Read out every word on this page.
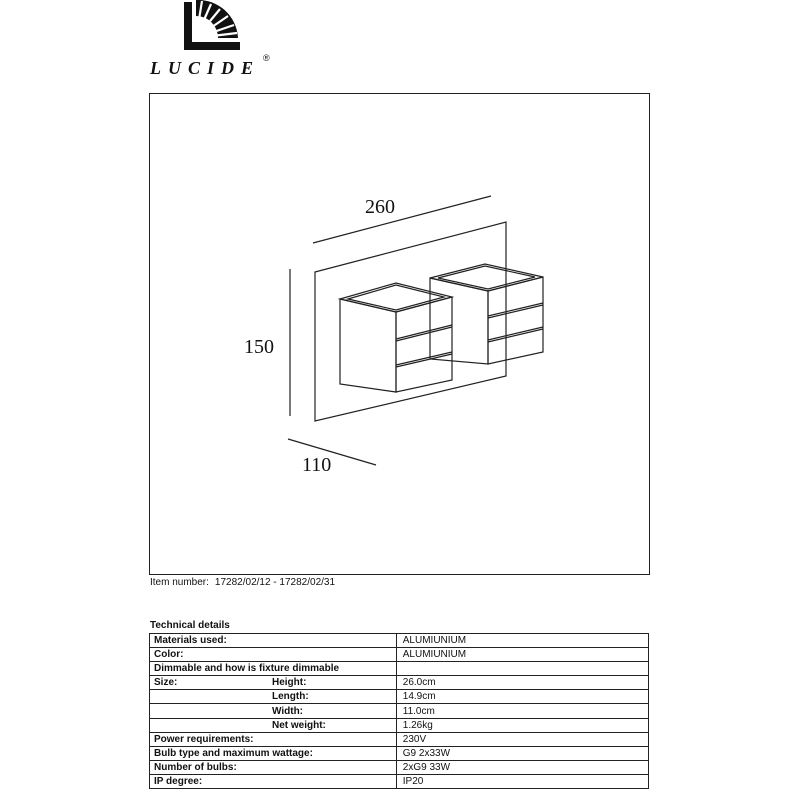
LUCIDE ®
260
150
110
Item number: 17282/02/12 - 17282/02/31
Technical details
Materials used:	ALUMIUNIUM

Color:	ALUMIUNIUM

Dimmable and how is fixture dimmable	

Size: Height:	26.0cm

Length:	14.9cm

Width:	11.0cm

Net weight:	1.26kg

Power requirements:	230V

Bulb type and maximum wattage:	G9 2x33W

Number of bulbs:	2xG9 33W

IP degree:	IP20
